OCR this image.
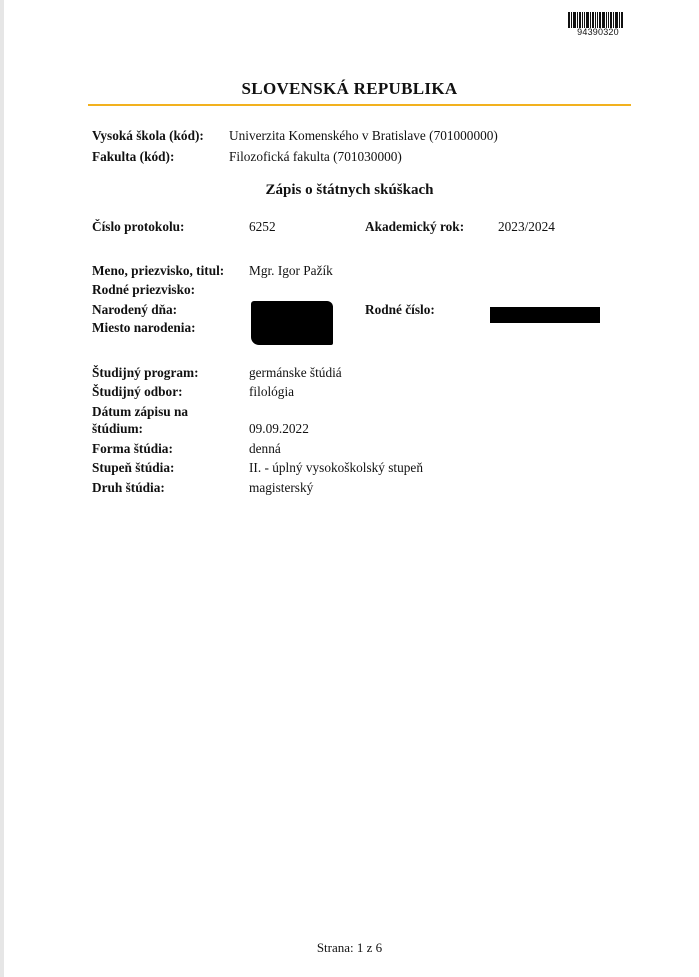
94390320
SLOVENSKÁ REPUBLIKA
Vysoká škola (kód): Univerzita Komenského v Bratislave (701000000)
Fakulta (kód):	Filozofická fakulta (701030000)
Zápis o štátnych skúškach
Číslo protokolu:	6252	Akademický rok:	2023/2024
Meno, priezvisko, titul: Mgr. Igor Pažík
Rodné priezvisko:
Narodený dňa:
Miesto narodenia:
Rodné číslo:
Študijný program:	germánske štúdiá
Študijný odbor:	filológia
Dátum zápisu na
štúdium:	09.09.2022
Forma štúdia:	denná
Stupeň štúdia:	II. - úplný vysokoškolský stupeň
Druh štúdia:	magisterský
Strana: 1 z 6
